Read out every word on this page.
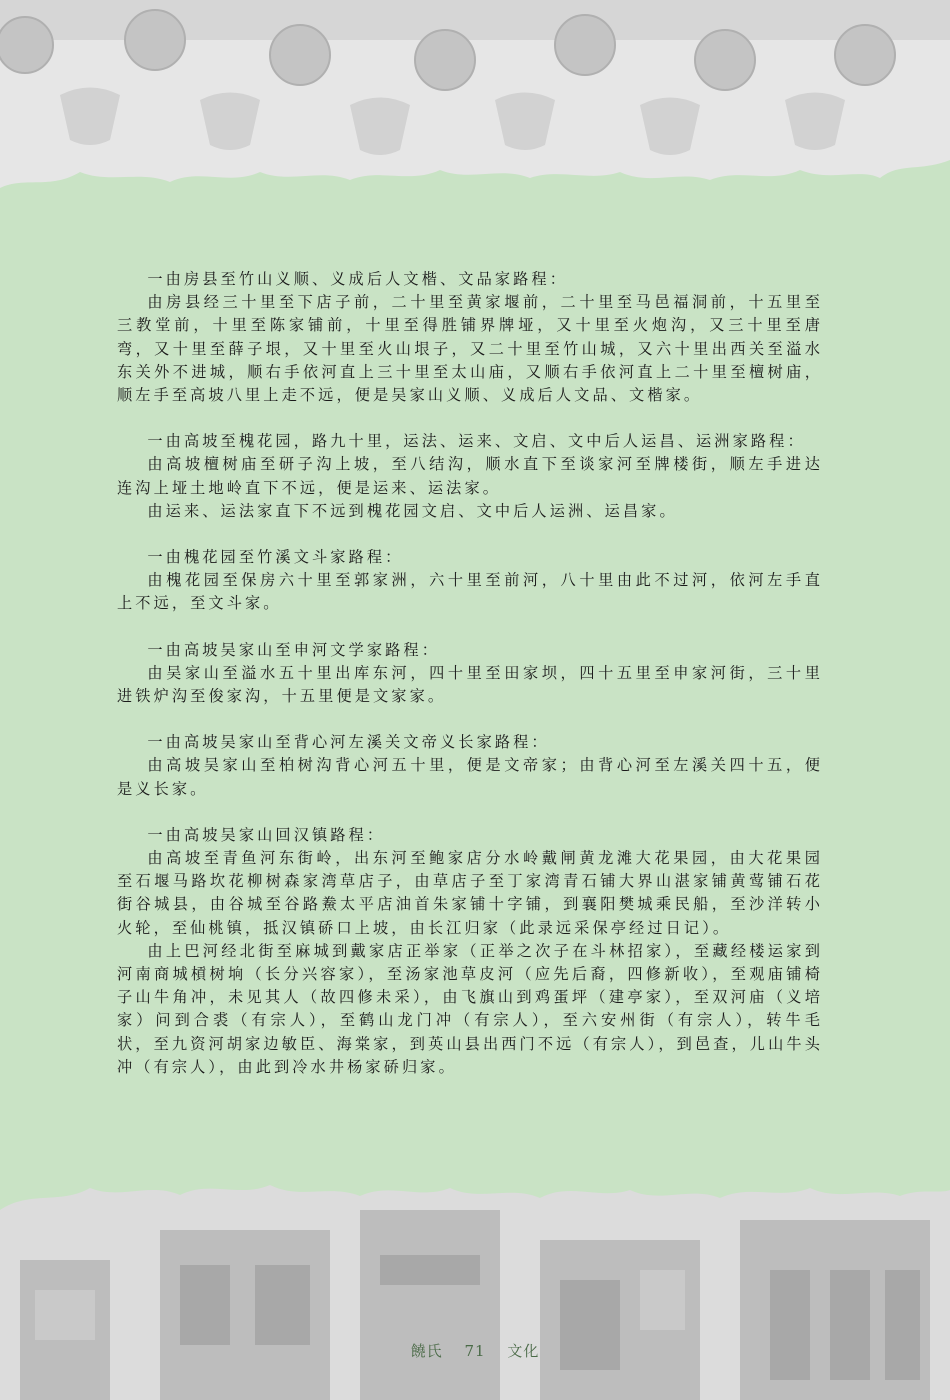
一由房县至竹山义顺、义成后人文楷、文品家路程：

由房县经三十里至下店子前，二十里至黄家堰前，二十里至马邑福洞前，十五里至三教堂前，十里至陈家铺前，十里至得胜铺界牌垭，又十里至火炮沟，又三十里至唐弯，又十里至薛子垠，又十里至火山垠子，又二十里至竹山城，又六十里出西关至溢水东关外不进城，顺右手依河直上三十里至太山庙，又顺右手依河直上二十里至檀树庙，顺左手至高坡八里上走不远，便是吴家山义顺、义成后人文品、文楷家。

一由高坡至槐花园，路九十里，运法、运来、文启、文中后人运昌、运洲家路程：

由高坡檀树庙至研子沟上坡，至八结沟，顺水直下至谈家河至牌楼街，顺左手进达连沟上垭土地岭直下不远，便是运来、运法家。

由运来、运法家直下不远到槐花园文启、文中后人运洲、运昌家。

一由槐花园至竹溪文斗家路程：

由槐花园至保房六十里至郭家洲，六十里至前河，八十里由此不过河，依河左手直上不远，至文斗家。

一由高坡吴家山至申河文学家路程：

由吴家山至溢水五十里出库东河，四十里至田家坝，四十五里至申家河街，三十里进铁炉沟至俊家沟，十五里便是文家家。

一由高坡吴家山至背心河左溪关文帝义长家路程：

由高坡吴家山至柏树沟背心河五十里，便是文帝家；由背心河至左溪关四十五，便是义长家。

一由高坡吴家山回汉镇路程：

由高坡至青鱼河东街岭，出东河至鲍家店分水岭戴闸黄龙滩大花果园，由大花果园至石堰马路坎花柳树森家湾草店子，由草店子至丁家湾青石铺大界山湛家铺黄莺铺石花街谷城县，由谷城至谷路鮝太平店油首朱家铺十字铺，到襄阳樊城乘民船，至沙洋转小火轮，至仙桃镇，抵汉镇硚口上坡，由长江归家（此录远采保亭经过日记）。

由上巴河经北街至麻城到戴家店正举家（正举之次子在斗林招家），至藏经楼运家到河南商城槓树垧（长分兴容家），至汤家池草皮河（应先后裔，四修新收），至观庙铺椅子山牛角冲，未见其人（故四修未采），由飞旗山到鸡蛋坪（建亭家），至双河庙（义培家）问到合裘（有宗人），至鹤山龙门冲（有宗人），至六安州街（有宗人），转牛毛状，至九资河胡家边敏臣、海棠家，到英山县出西门不远（有宗人），到邑查，儿山牛头冲（有宗人），由此到冷水井杨家硚归家。

饒氏 71 文化
